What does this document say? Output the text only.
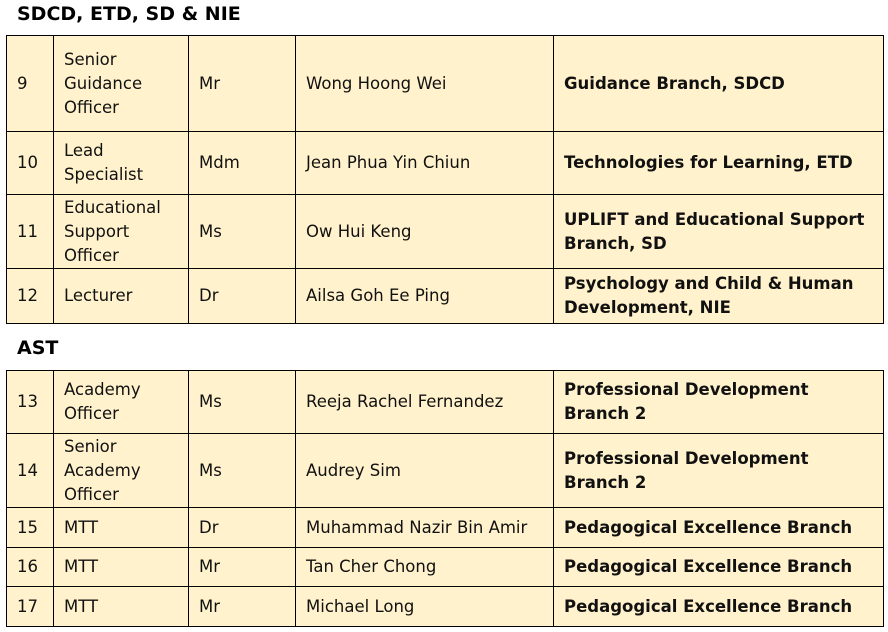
SDCD, ETD, SD & NIE
9	Senior Guidance Officer	Mr	Wong Hoong Wei	Guidance Branch, SDCD
10	Lead Specialist	Mdm	Jean Phua Yin Chiun	Technologies for Learning, ETD
11	Educational Support Officer	Ms	Ow Hui Keng	UPLIFT and Educational Support Branch, SD
12	Lecturer	Dr	Ailsa Goh Ee Ping	Psychology and Child & Human Development, NIE
AST
13	Academy Officer	Ms	Reeja Rachel Fernandez	Professional Development Branch 2
14	Senior Academy Officer	Ms	Audrey Sim	Professional Development Branch 2
15	MTT	Dr	Muhammad Nazir Bin Amir	Pedagogical Excellence Branch
16	MTT	Mr	Tan Cher Chong	Pedagogical Excellence Branch
17	MTT	Mr	Michael Long	Pedagogical Excellence Branch
